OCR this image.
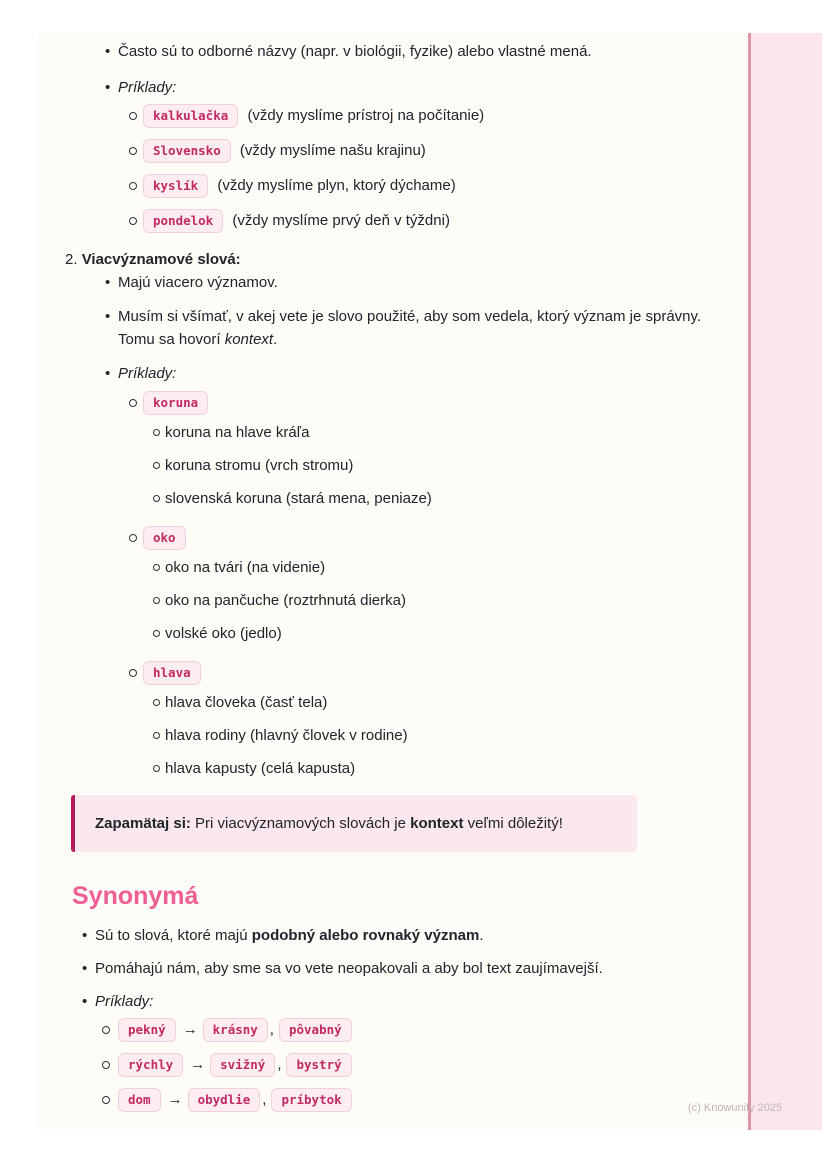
• Často sú to odborné názvy (napr. v biológii, fyzike) alebo vlastné mená.
• Príklady:
kalkulačka (vždy myslíme prístroj na počítanie)
Slovensko (vždy myslíme našu krajinu)
kyslík (vždy myslíme plyn, ktorý dýchame)
pondelok (vždy myslíme prvý deň v týždni)
2. Viacvýznamové slová:
• Majú viacero významov.
• Musím si všímať, v akej vete je slovo použité, aby som vedela, ktorý význam je správny. Tomu sa hovorí kontext.
• Príklady:
koruna
koruna na hlave kráľa
koruna stromu (vrch stromu)
slovenská koruna (stará mena, peniaze)
oko
oko na tvári (na videnie)
oko na pančuche (roztrhnutá dierka)
volské oko (jedlo)
hlava
hlava človeka (časť tela)
hlava rodiny (hlavný človek v rodine)
hlava kapusty (celá kapusta)
Zapamätaj si: Pri viacvýznamových slovách je kontext veľmi dôležitý!
Synonymá
• Sú to slová, ktoré majú podobný alebo rovnaký význam.
• Pomáhajú nám, aby sme sa vo vete neopakovali a aby bol text zaujímavejší.
• Príklady:
pekný → krásny , pôvabný
rýchly → svižný , bystrý
dom → obydlie , príbytok
(c) Knowunity 2025
